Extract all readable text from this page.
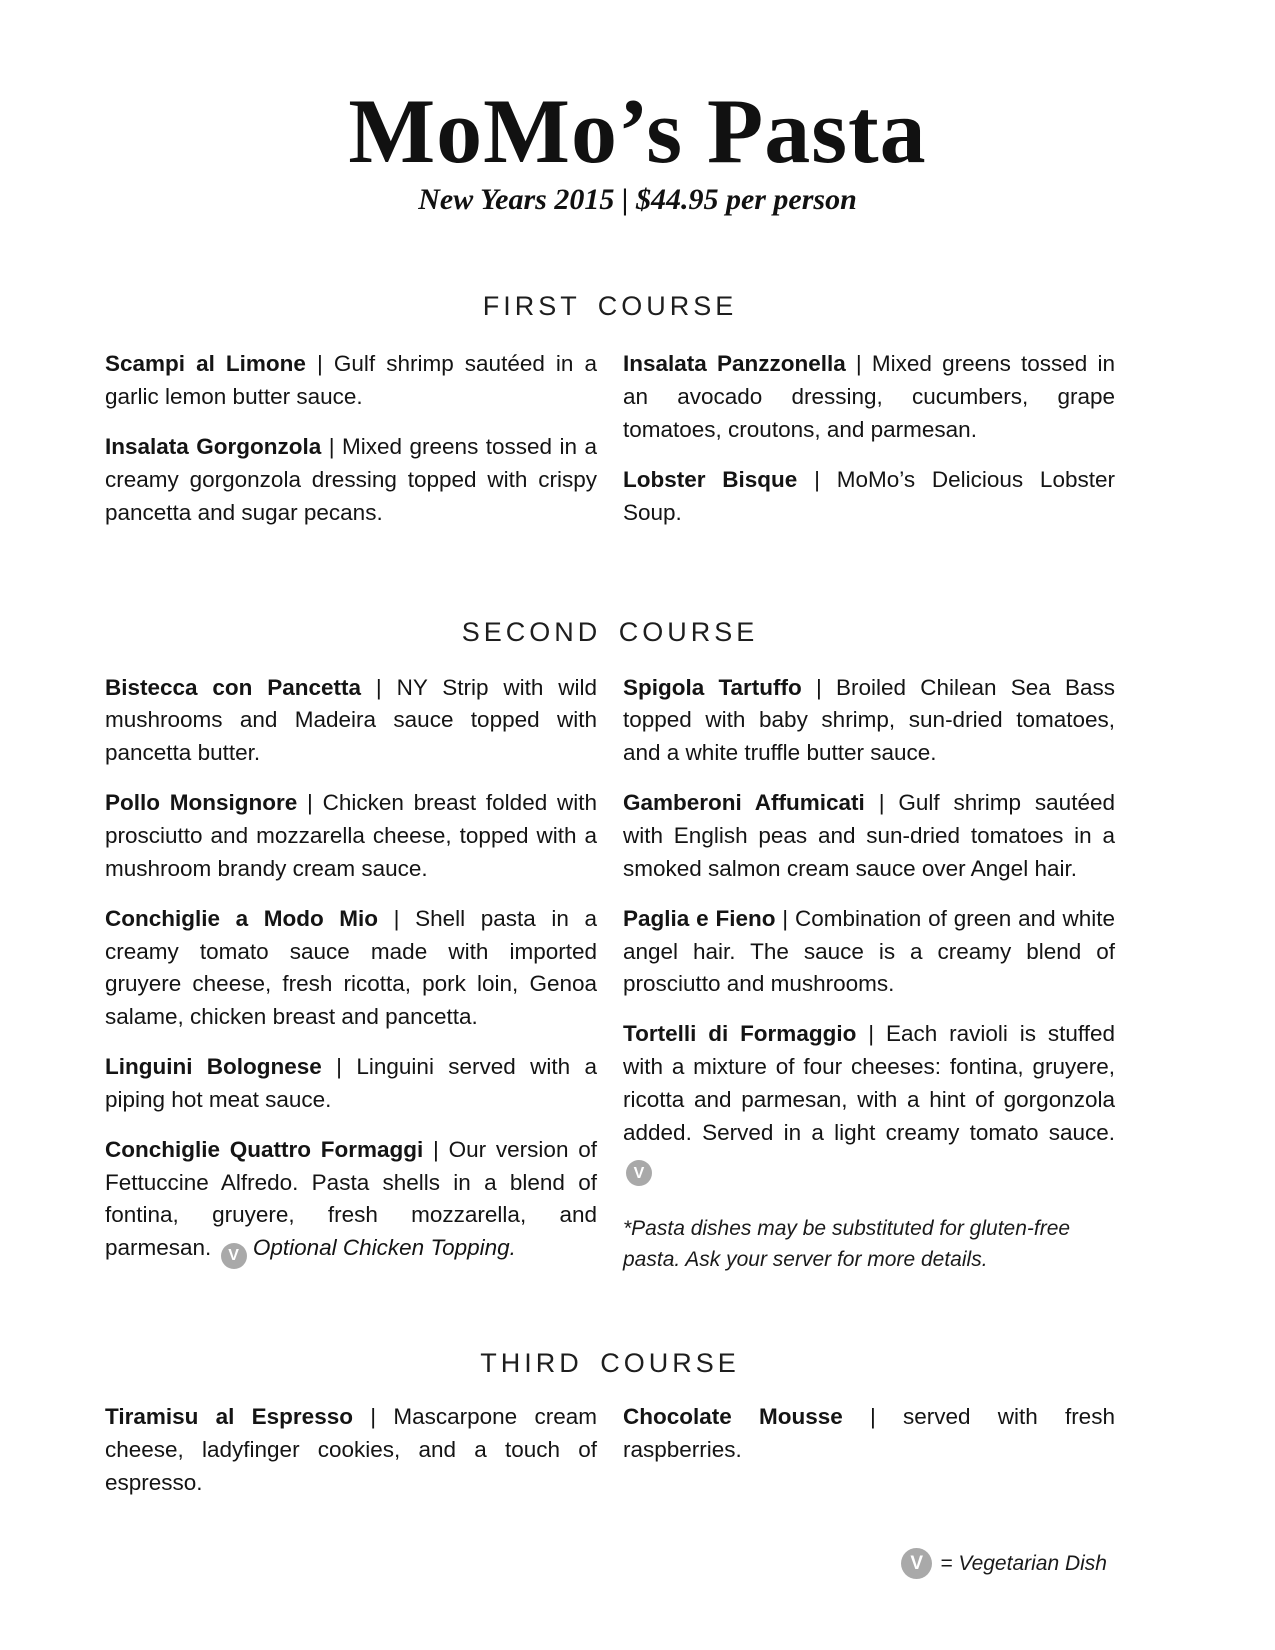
MoMo’s Pasta
New Years 2015 | $44.95 per person
FIRST COURSE

Scampi al Limone | Gulf shrimp sautéed in a garlic lemon butter sauce.

Insalata Gorgonzola | Mixed greens tossed in a creamy gorgonzola dressing topped with crispy pancetta and sugar pecans.

Insalata Panzzonella | Mixed greens tossed in an avocado dressing, cucumbers, grape tomatoes, croutons, and parmesan.

Lobster Bisque | MoMo’s Delicious Lobster Soup.

SECOND COURSE

Bistecca con Pancetta | NY Strip with wild mushrooms and Madeira sauce topped with pancetta butter.

Pollo Monsignore | Chicken breast folded with prosciutto and mozzarella cheese, topped with a mushroom brandy cream sauce.

Conchiglie a Modo Mio | Shell pasta in a creamy tomato sauce made with imported gruyere cheese, fresh ricotta, pork loin, Genoa salame, chicken breast and pancetta.

Linguini Bolognese | Linguini served with a piping hot meat sauce.

Conchiglie Quattro Formaggi | Our version of Fettuccine Alfredo. Pasta shells in a blend of fontina, gruyere, fresh mozzarella, and parmesan. V Optional Chicken Topping.

Spigola Tartuffo | Broiled Chilean Sea Bass topped with baby shrimp, sun-dried tomatoes, and a white truffle butter sauce.

Gamberoni Affumicati | Gulf shrimp sautéed with English peas and sun-dried tomatoes in a smoked salmon cream sauce over Angel hair.

Paglia e Fieno | Combination of green and white angel hair. The sauce is a creamy blend of prosciutto and mushrooms.

Tortelli di Formaggio | Each ravioli is stuffed with a mixture of four cheeses: fontina, gruyere, ricotta and parmesan, with a hint of gorgonzola added. Served in a light creamy tomato sauce. V

*Pasta dishes may be substituted for gluten-free pasta. Ask your server for more details.

THIRD COURSE

Tiramisu al Espresso | Mascarpone cream cheese, ladyfinger cookies, and a touch of espresso.

Chocolate Mousse | served with fresh raspberries.

V = Vegetarian Dish
